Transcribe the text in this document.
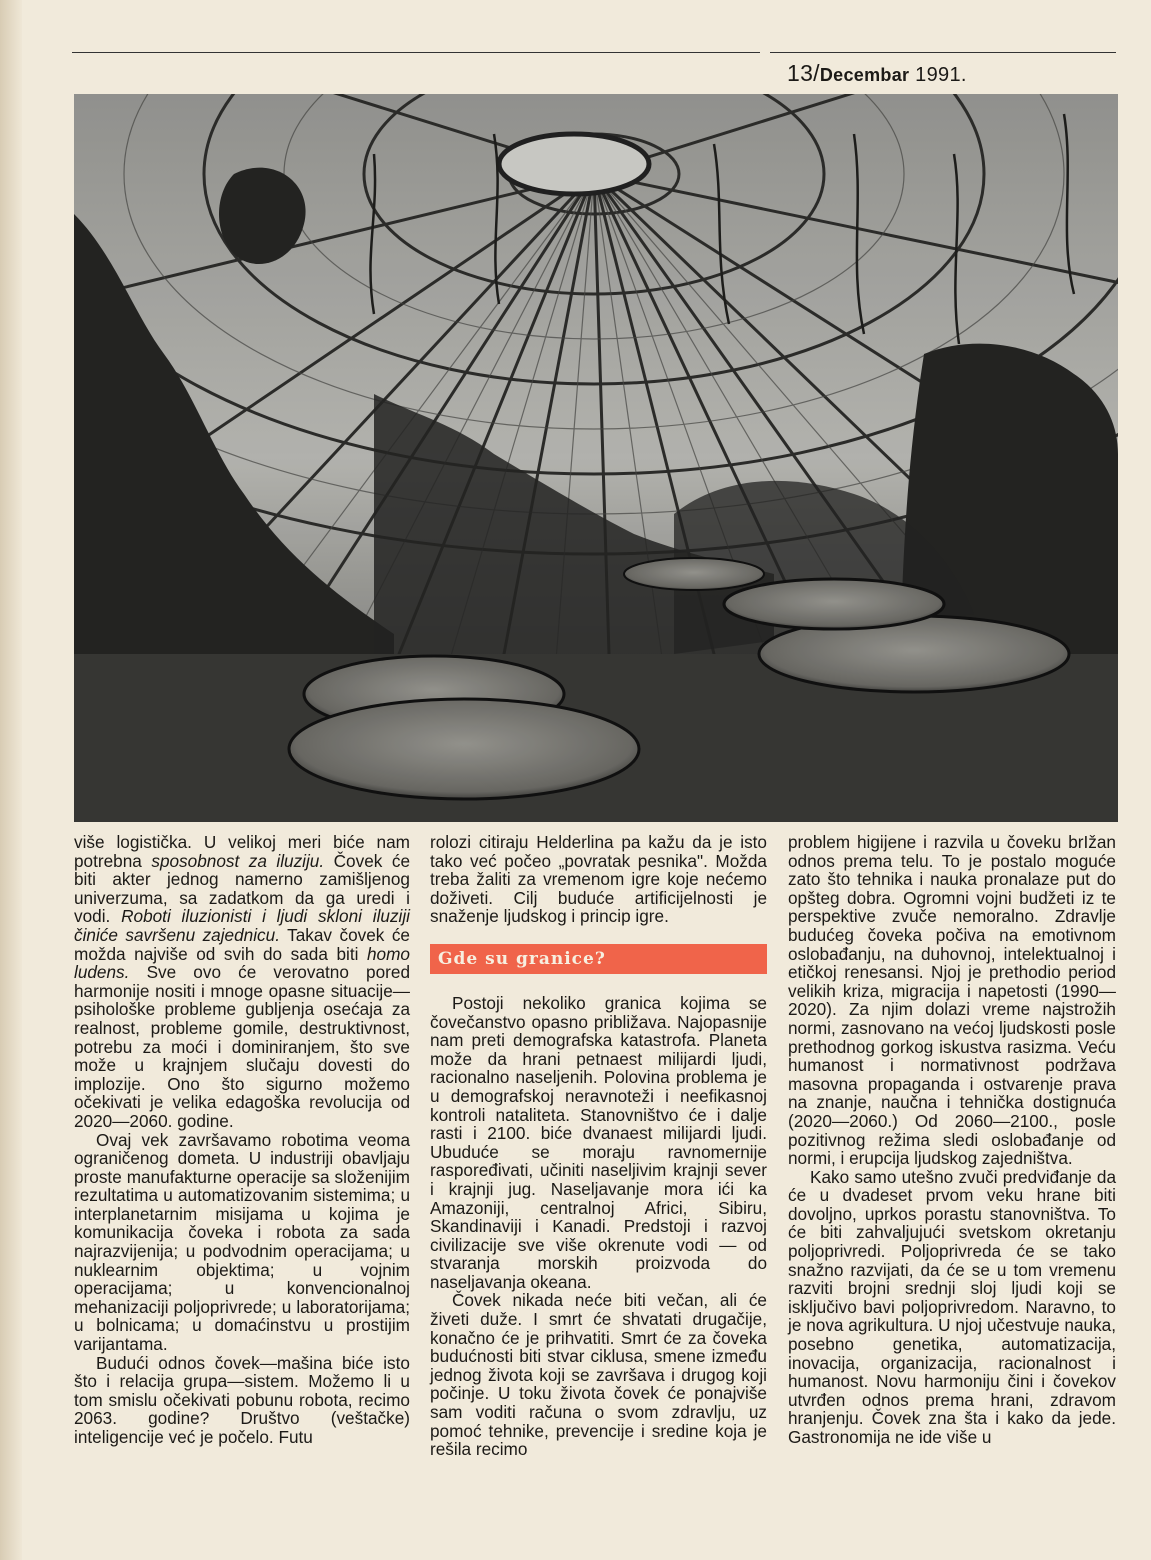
13/Decembar 1991.

više logistička. U velikoj meri biće nam potrebna sposobnost za iluziju. Čovek će biti akter jednog namerno zamišljenog univerzuma, sa zadatkom da ga uredi i vodi. Roboti iluzionisti i ljudi skloni iluziji činiće savršenu zajednicu. Takav čovek će možda najviše od svih do sada biti homo ludens. Sve ovo će verovatno pored harmonije nositi i mnoge opasne situacije—psihološke probleme gubljenja osećaja za realnost, probleme gomile, destruktivnost, potrebu za moći i dominiranjem, što sve može u krajnjem slučaju dovesti do implozije. Ono što sigurno možemo očekivati je velika edagoška revolucija od 2020—2060. godine.

Ovaj vek završavamo robotima veoma ograničenog dometa. U industriji obavljaju proste manufakturne operacije sa složenijim rezultatima u automatizovanim sistemima; u interplanetarnim misijama u kojima je komunikacija čoveka i robota za sada najrazvijenija; u podvodnim operacijama; u nuklearnim objektima; u vojnim operacijama; u konvencionalnoj mehanizaciji poljoprivrede; u laboratorijama; u bolnicama; u domaćinstvu u prostijim varijantama.

Budući odnos čovek—mašina biće isto što i relacija grupa—sistem. Možemo li u tom smislu očekivati pobunu robota, recimo 2063. godine? Društvo (veštačke) inteligencije već je počelo. Futu

rolozi citiraju Helderlina pa kažu da je isto tako već počeo „povratak pesnika". Možda treba žaliti za vremenom igre koje nećemo doživeti. Cilj buduće artificijelnosti je snaženje ljudskog i princip igre.

Gde su granice?

Postoji nekoliko granica kojima se čovečanstvo opasno približava. Najopasnije nam preti demografska katastrofa. Planeta može da hrani petnaest milijardi ljudi, racionalno naseljenih. Polovina problema je u demografskoj neravnoteži i neefikasnoj kontroli nataliteta. Stanovništvo će i dalje rasti i 2100. biće dvanaest milijardi ljudi. Ubuduće se moraju ravnomernije raspoređivati, učiniti naseljivim krajnji sever i krajnji jug. Naseljavanje mora ići ka Amazoniji, centralnoj Africi, Sibiru, Skandinaviji i Kanadi. Predstoji i razvoj civilizacije sve više okrenute vodi — od stvaranja morskih proizvoda do naseljavanja okeana.

Čovek nikada neće biti večan, ali će živeti duže. I smrt će shvatati drugačije, konačno će je prihvatiti. Smrt će za čoveka budućnosti biti stvar ciklusa, smene između jednog života koji se završava i drugog koji počinje. U toku života čovek će ponajviše sam voditi računa o svom zdravlju, uz pomoć tehnike, prevencije i sredine koja je rešila recimo

problem higijene i razvila u čoveku brIžan odnos prema telu. To je postalo moguće zato što tehnika i nauka pronalaze put do opšteg dobra. Ogromni vojni budžeti iz te perspektive zvuče nemoralno. Zdravlje budućeg čoveka počiva na emotivnom oslobađanju, na duhovnoj, intelektualnoj i etičkoj renesansi. Njoj je prethodio period velikih kriza, migracija i napetosti (1990—2020). Za njim dolazi vreme najstrožih normi, zasnovano na većoj ljudskosti posle prethodnog gorkog iskustva rasizma. Veću humanost i normativnost podržava masovna propaganda i ostvarenje prava na znanje, naučna i tehnička dostignuća (2020—2060.) Od 2060—2100., posle pozitivnog režima sledi oslobađanje od normi, i erupcija ljudskog zajedništva.

Kako samo utešno zvuči predviđanje da će u dvadeset prvom veku hrane biti dovoljno, uprkos porastu stanovništva. To će biti zahvaljujući svetskom okretanju poljoprivredi. Poljoprivreda će se tako snažno razvijati, da će se u tom vremenu razviti brojni srednji sloj ljudi koji se isključivo bavi poljoprivredom. Naravno, to je nova agrikultura. U njoj učestvuje nauka, posebno genetika, automatizacija, inovacija, organizacija, racionalnost i humanost. Novu harmoniju čini i čovekov utvrđen odnos prema hrani, zdravom hranjenju. Čovek zna šta i kako da jede. Gastronomija ne ide više u
